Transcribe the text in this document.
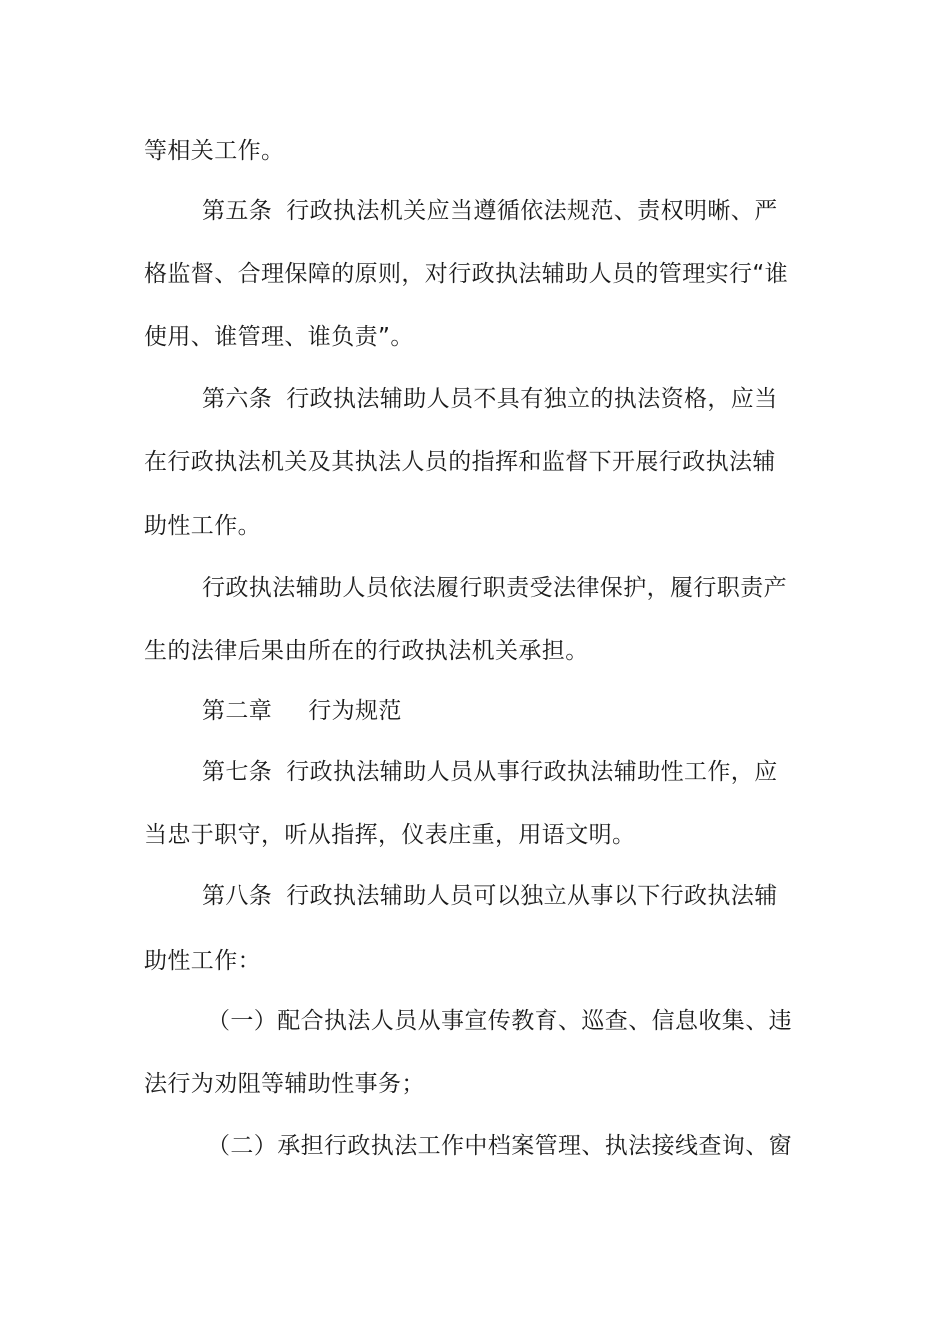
等相关工作。
第五条 行政执法机关应当遵循依法规范、责权明晰、严
格监督、合理保障的原则，对行政执法辅助人员的管理实行“谁
使用、谁管理、谁负责”。
第六条 行政执法辅助人员不具有独立的执法资格，应当
在行政执法机关及其执法人员的指挥和监督下开展行政执法辅
助性工作。
行政执法辅助人员依法履行职责受法律保护，履行职责产
生的法律后果由所在的行政执法机关承担。
第二章 行为规范
第七条 行政执法辅助人员从事行政执法辅助性工作，应
当忠于职守，听从指挥，仪表庄重，用语文明。
第八条 行政执法辅助人员可以独立从事以下行政执法辅
助性工作：
（一）配合执法人员从事宣传教育、巡查、信息收集、违
法行为劝阻等辅助性事务；
（二）承担行政执法工作中档案管理、执法接线查询、窗
